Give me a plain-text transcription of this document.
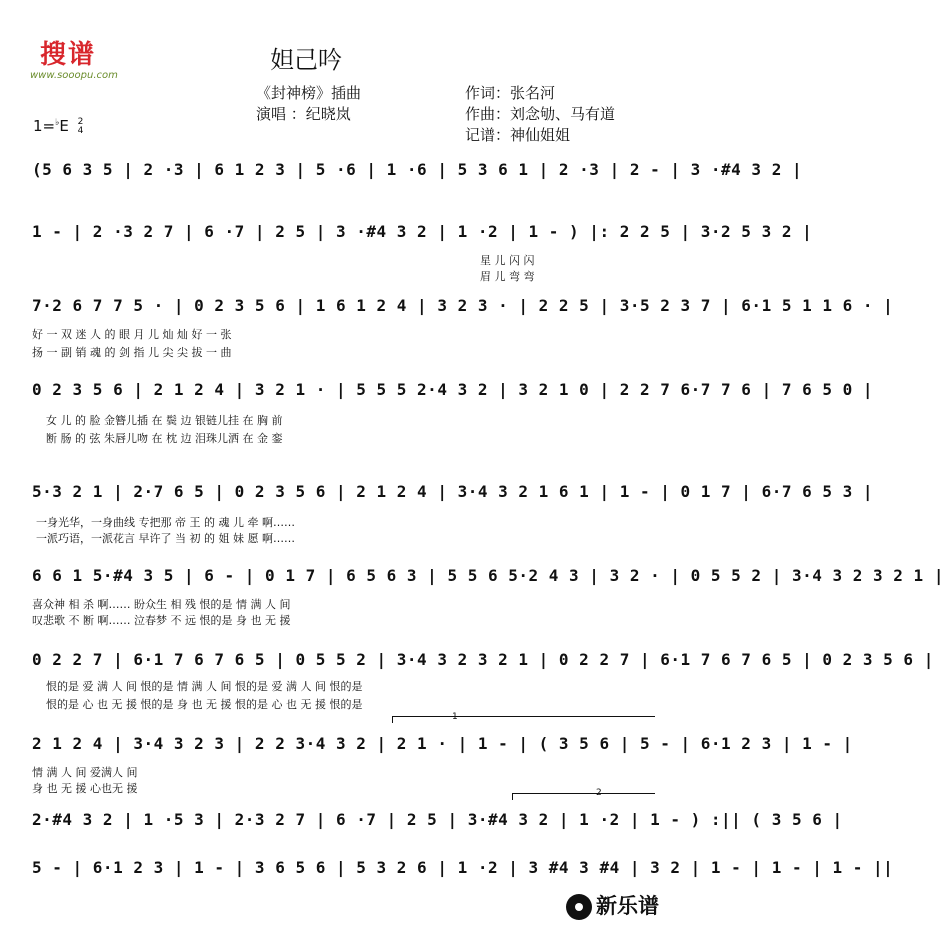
搜谱
www.sooopu.com
妲己吟
《封神榜》插曲
演唱 ：纪晓岚
作词：张名河
作曲：刘念劬、马有道
记谱：神仙姐姐
1=♭E 2
4
(5 6 3 5 | 2 ·3 | 6 1 2 3 | 5 ·6 | 1 ·6 | 5 3 6 1 | 2 ·3 | 2 - | 3 ·#4 3 2 |
1 - | 2 ·3 2 7 | 6 ·7 | 2 5 | 3 ·#4 3 2 | 1 ·2 | 1 - ) |: 2 2 5 | 3·2 5 3 2 |
星 儿 闪 闪
眉 儿 弯 弯
7·2 6 7 7 5 · | 0 2 3 5 6 | 1 6 1 2 4 | 3 2 3 · | 2 2 5 | 3·5 2 3 7 | 6·1 5 1 1 6 · |
好 一 双 迷 人 的 眼 月 儿 灿 灿 好 一 张
扬 一 副 销 魂 的 剑 指 儿 尖 尖 拔 一 曲
0 2 3 5 6 | 2 1 2 4 | 3 2 1 · | 5 5 5 2·4 3 2 | 3 2 1 0 | 2 2 7 6·7 7 6 | 7 6 5 0 |
女 儿 的 脸 金簪儿插 在 鬓 边 银链儿挂 在 胸 前
断 肠 的 弦 朱唇儿吻 在 枕 边 泪珠儿洒 在 金 銮
5·3 2 1 | 2·7 6 5 | 0 2 3 5 6 | 2 1 2 4 | 3·4 3 2 1 6 1 | 1 - | 0 1 7 | 6·7 6 5 3 |
一身光华，一身曲线 专把那 帝 王 的 魂 儿 牵 啊……
一派巧语，一派花言 早许了 当 初 的 姐 妹 愿 啊……
6 6 1 5·#4 3 5 | 6 - | 0 1 7 | 6 5 6 3 | 5 5 6 5·2 4 3 | 3 2 · | 0 5 5 2 | 3·4 3 2 3 2 1 |
喜众神 相 杀 啊…… 盼众生 相 残 恨的是 情 满 人 间
叹悲歌 不 断 啊…… 泣春梦 不 远 恨的是 身 也 无 援
0 2 2 7 | 6·1 7 6 7 6 5 | 0 5 5 2 | 3·4 3 2 3 2 1 | 0 2 2 7 | 6·1 7 6 7 6 5 | 0 2 3 5 6 |
恨的是 爱 满 人 间 恨的是 情 满 人 间 恨的是 爱 满 人 间 恨的是
恨的是 心 也 无 援 恨的是 身 也 无 援 恨的是 心 也 无 援 恨的是
1
2 1 2 4 | 3·4 3 2 3 | 2 2 3·4 3 2 | 2 1 · | 1 - | ( 3 5 6 | 5 - | 6·1 2 3 | 1 - |
情 满 人 间 爱满人 间
身 也 无 援 心也无 援	2
2·#4 3 2 | 1 ·5 3 | 2·3 2 7 | 6 ·7 | 2 5 | 3·#4 3 2 | 1 ·2 | 1 - ) :|| ( 3 5 6 |
5 - | 6·1 2 3 | 1 - | 3 6 5 6 | 5 3 2 6 | 1 ·2 | 3 #4 3 #4 | 3 2 | 1 - | 1 - | 1 - ||
新乐谱
